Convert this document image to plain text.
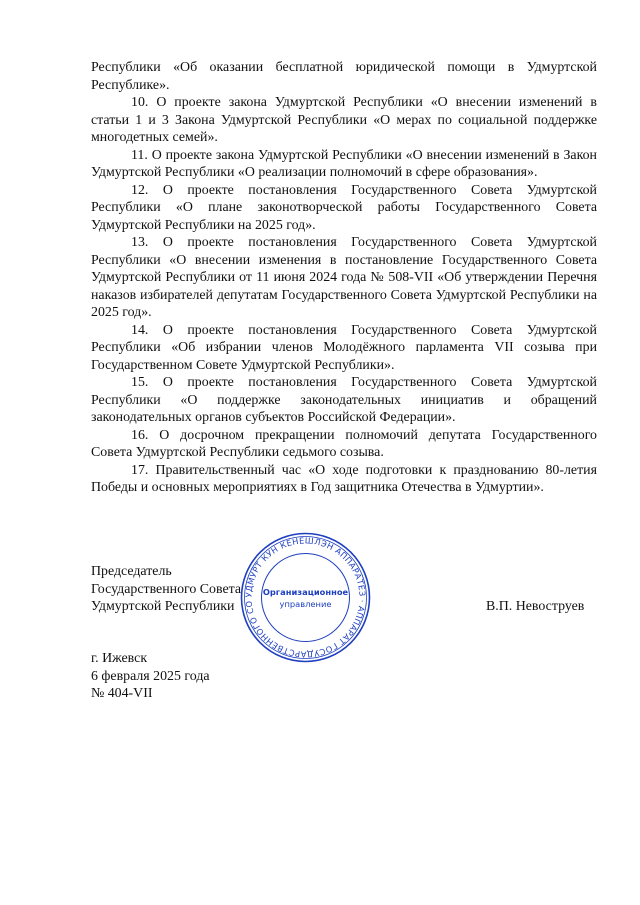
Республики «Об оказании бесплатной юридической помощи в Удмуртской Республике».

10. О проекте закона Удмуртской Республики «О внесении изменений в статьи 1 и 3 Закона Удмуртской Республики «О мерах по социальной поддержке многодетных семей».

11. О проекте закона Удмуртской Республики «О внесении изменений в Закон Удмуртской Республики «О реализации полномочий в сфере образования».

12. О проекте постановления Государственного Совета Удмуртской Республики «О плане законотворческой работы Государственного Совета Удмуртской Республики на 2025 год».

13. О проекте постановления Государственного Совета Удмуртской Республики «О внесении изменения в постановление Государственного Совета Удмуртской Республики от 11 июня 2024 года № 508-VII «Об утверждении Перечня наказов избирателей депутатам Государственного Совета Удмуртской Республики на 2025 год».

14. О проекте постановления Государственного Совета Удмуртской Республики «Об избрании членов Молодёжного парламента VII созыва при Государственном Совете Удмуртской Республики».

15. О проекте постановления Государственного Совета Удмуртской Республики «О поддержке законодательных инициатив и обращений законодательных органов субъектов Российской Федерации».

16. О досрочном прекращении полномочий депутата Государственного Совета Удмуртской Республики седьмого созыва.

17. Правительственный час «О ходе подготовки к празднованию 80-летия Победы и основных мероприятиях в Год защитника Отечества в Удмуртии».

УДМУРТ КУН КЕНЕШЛЭН АППАРАТЕЗ · АППАРАТ ГОСУДАРСТВЕННОГО СО
Организационное
управление
Председатель
Государственного Совета
Удмуртской Республики	В.П. Невоструев
г. Ижевск
6 февраля 2025 года
№ 404-VII
